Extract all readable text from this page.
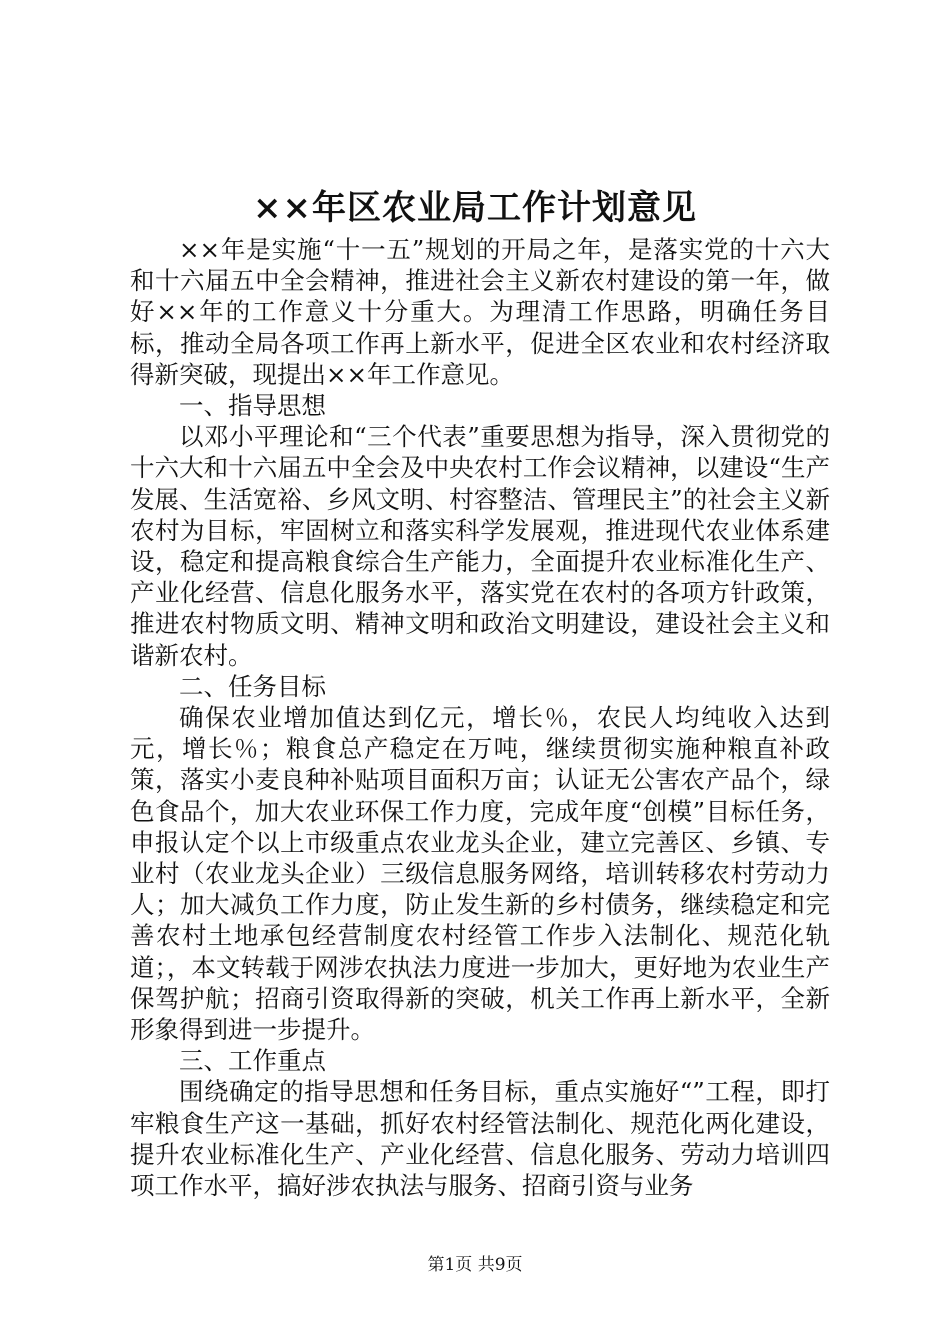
××年区农业局工作计划意见

××年是实施“十一五”规划的开局之年，是落实党的十六大和十六届五中全会精神，推进社会主义新农村建设的第一年，做好××年的工作意义十分重大。为理清工作思路，明确任务目标，推动全局各项工作再上新水平，促进全区农业和农村经济取得新突破，现提出××年工作意见。

一、指导思想

以邓小平理论和“三个代表”重要思想为指导，深入贯彻党的十六大和十六届五中全会及中央农村工作会议精神，以建设“生产发展、生活宽裕、乡风文明、村容整洁、管理民主”的社会主义新农村为目标，牢固树立和落实科学发展观，推进现代农业体系建设，稳定和提高粮食综合生产能力，全面提升农业标准化生产、产业化经营、信息化服务水平，落实党在农村的各项方针政策，推进农村物质文明、精神文明和政治文明建设，建设社会主义和谐新农村。

二、任务目标

确保农业增加值达到亿元，增长％，农民人均纯收入达到元，增长％；粮食总产稳定在万吨，继续贯彻实施种粮直补政策，落实小麦良种补贴项目面积万亩；认证无公害农产品个，绿色食品个，加大农业环保工作力度，完成年度“创模”目标任务，申报认定个以上市级重点农业龙头企业，建立完善区、乡镇、专业村（农业龙头企业）三级信息服务网络，培训转移农村劳动力人；加大减负工作力度，防止发生新的乡村债务，继续稳定和完善农村土地承包经营制度农村经管工作步入法制化、规范化轨道；，本文转载于网涉农执法力度进一步加大，更好地为农业生产保驾护航；招商引资取得新的突破，机关工作再上新水平，全新形象得到进一步提升。

三、工作重点

围绕确定的指导思想和任务目标，重点实施好“”工程，即打牢粮食生产这一基础，抓好农村经管法制化、规范化两化建设，提升农业标准化生产、产业化经营、信息化服务、劳动力培训四项工作水平，搞好涉农执法与服务、招商引资与业务

第1页 共9页
